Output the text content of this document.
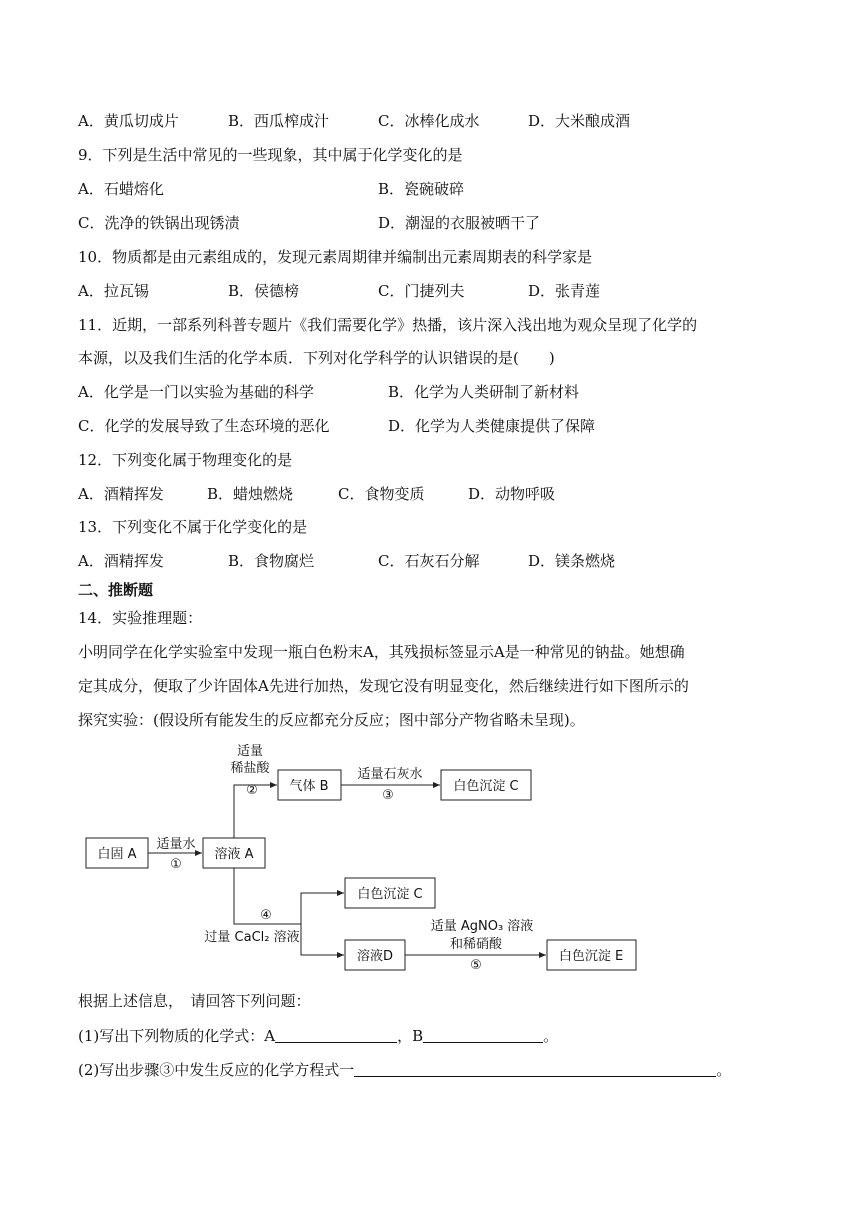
A．黄瓜切成片	B．西瓜榨成汁	C．冰棒化成水	D．大米酿成酒
9．下列是生活中常见的一些现象，其中属于化学变化的是
A．石蜡熔化	B．瓷碗破碎
C．洗净的铁锅出现锈渍	D．潮湿的衣服被晒干了
10．物质都是由元素组成的，发现元素周期律并编制出元素周期表的科学家是
A．拉瓦锡	B．侯德榜	C．门捷列夫	D．张青莲
11．近期，一部系列科普专题片《我们需要化学》热播，该片深入浅出地为观众呈现了化学的
本源，以及我们生活的化学本质．下列对化学科学的认识错误的是(　　)
A．化学是一门以实验为基础的科学	B．化学为人类研制了新材料
C．化学的发展导致了生态环境的恶化	D．化学为人类健康提供了保障
12．下列变化属于物理变化的是
A．酒精挥发	B．蜡烛燃烧	C．食物变质	D．动物呼吸
13．下列变化不属于化学变化的是
A．酒精挥发	B．食物腐烂	C．石灰石分解	D．镁条燃烧
二、推断题
14．实验推理题：
小明同学在化学实验室中发现一瓶白色粉末A，其残损标签显示A是一种常见的钠盐。她想确
定其成分，便取了少许固体A先进行加热，发现它没有明显变化，然后继续进行如下图所示的
探究实验：(假设所有能发生的反应都充分反应；图中部分产物省略未呈现)。
白固 A	溶液 A
气体 B	白色沉淀 C
白色沉淀 C
溶液D	白色沉淀 E
适量水
①
适量
稀盐酸
②
适量石灰水
③
④
过量 CaCl₂ 溶液
适量 AgNO₃ 溶液
和稀硝酸
⑤
根据上述信息，　请回答下列问题：
(1)写出下列物质的化学式：A	，B	。
(2)写出步骤③中发生反应的化学方程式一	。
